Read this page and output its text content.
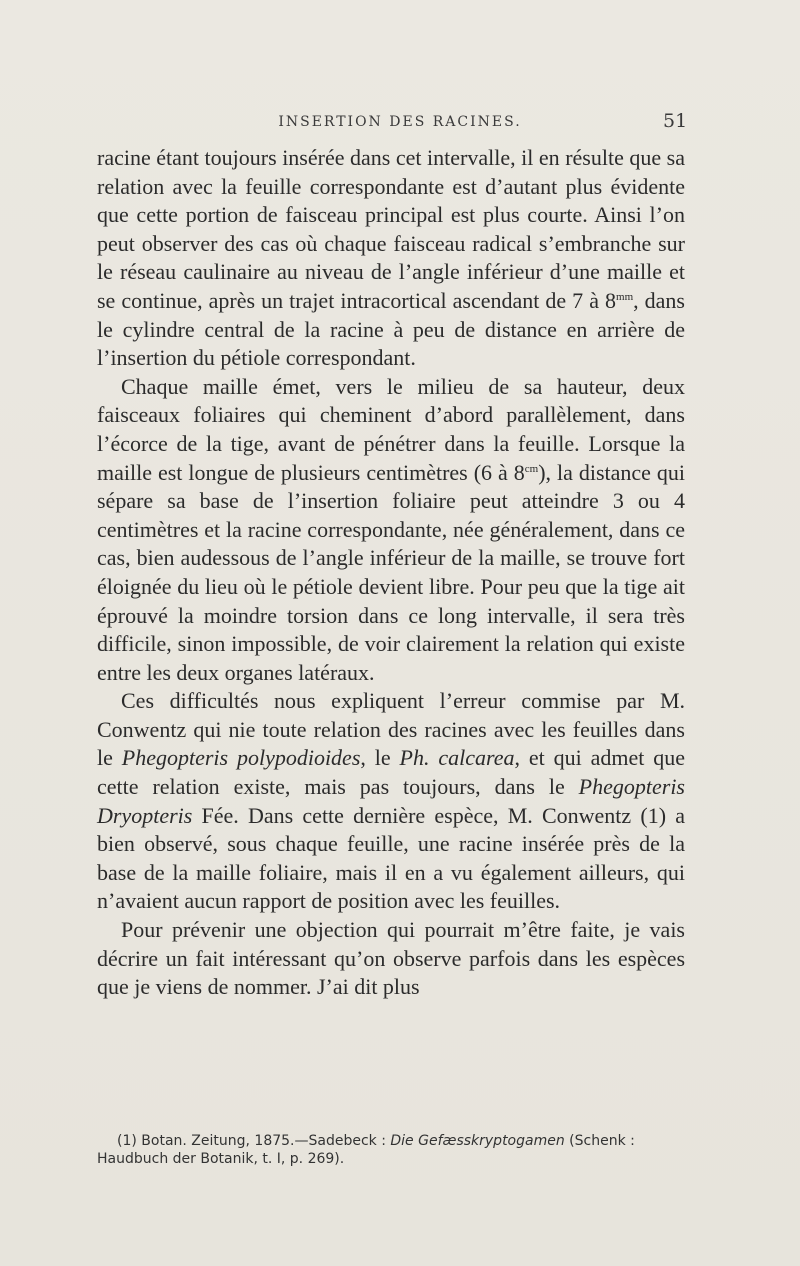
INSERTION DES RACINES.	51

racine étant toujours insérée dans cet intervalle, il en résulte que sa relation avec la feuille correspondante est d’autant plus évidente que cette portion de faisceau principal est plus courte. Ainsi l’on peut observer des cas où chaque faisceau radical s’embranche sur le réseau caulinaire au niveau de l’angle inférieur d’une maille et se continue, après un trajet intracortical ascendant de 7 à $8^{mm}$, dans le cylindre central de la racine à peu de distance en arrière de l’insertion du pétiole correspondant.

Chaque maille émet, vers le milieu de sa hauteur, deux faisceaux foliaires qui cheminent d’abord parallèlement, dans l’écorce de la tige, avant de pénétrer dans la feuille. Lorsque la maille est longue de plusieurs centimètres (6 à $8^{cm}$), la distance qui sépare sa base de l’insertion foliaire peut atteindre 3 ou 4 centimètres et la racine correspondante, née généralement, dans ce cas, bien audessous de l’angle inférieur de la maille, se trouve fort éloignée du lieu où le pétiole devient libre. Pour peu que la tige ait éprouvé la moindre torsion dans ce long intervalle, il sera très difficile, sinon impossible, de voir clairement la relation qui existe entre les deux organes latéraux.

Ces difficultés nous expliquent l’erreur commise par M. Conwentz qui nie toute relation des racines avec les feuilles dans le Phegopteris polypodioides, le Ph. calcarea, et qui admet que cette relation existe, mais pas toujours, dans le Phegopteris Dryopteris Fée. Dans cette dernière espèce, M. Conwentz (1) a bien observé, sous chaque feuille, une racine insérée près de la base de la maille foliaire, mais il en a vu également ailleurs, qui n’avaient aucun rapport de position avec les feuilles.

Pour prévenir une objection qui pourrait m’être faite, je vais décrire un fait intéressant qu’on observe parfois dans les espèces que je viens de nommer. J’ai dit plus

(1) Botan. Zeitung, 1875.—Sadebeck : Die Gefæsskryptogamen (Schenk :
Haudbuch der Botanik, t. I, p. 269).
